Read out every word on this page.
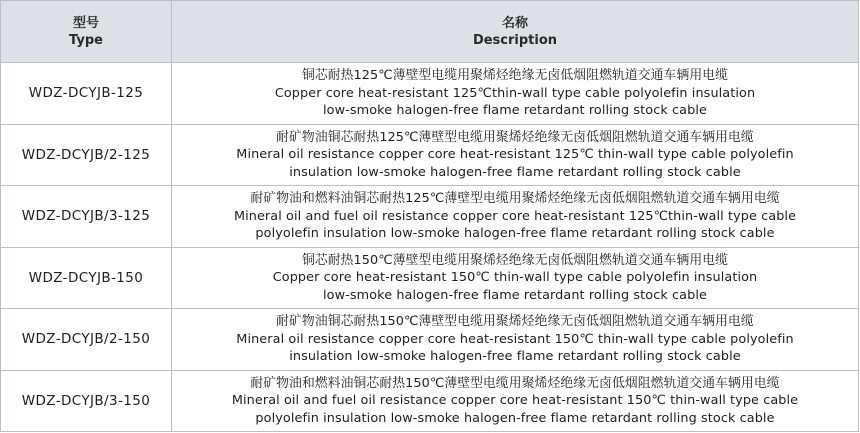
型号
Type
名称
Description
WDZ-DCYJB-125
铜芯耐热125℃薄壁型电缆用聚烯烃绝缘无卤低烟阻燃轨道交通车辆用电缆
Copper core heat-resistant 125℃thin-wall type cable polyolefin insulation
low-smoke halogen-free flame retardant rolling stock cable
WDZ-DCYJB/2-125
耐矿物油铜芯耐热125℃薄壁型电缆用聚烯烃绝缘无卤低烟阻燃轨道交通车辆用电缆
Mineral oil resistance copper core heat-resistant 125℃ thin-wall type cable polyolefin
insulation low-smoke halogen-free flame retardant rolling stock cable
WDZ-DCYJB/3-125
耐矿物油和燃料油铜芯耐热125℃薄壁型电缆用聚烯烃绝缘无卤低烟阻燃轨道交通车辆用电缆
Mineral oil and fuel oil resistance copper core heat-resistant 125℃thin-wall type cable
polyolefin insulation low-smoke halogen-free flame retardant rolling stock cable
WDZ-DCYJB-150
铜芯耐热150℃薄壁型电缆用聚烯烃绝缘无卤低烟阻燃轨道交通车辆用电缆
Copper core heat-resistant 150℃ thin-wall type cable polyolefin insulation
low-smoke halogen-free flame retardant rolling stock cable
WDZ-DCYJB/2-150
耐矿物油铜芯耐热150℃薄壁型电缆用聚烯烃绝缘无卤低烟阻燃轨道交通车辆用电缆
Mineral oil resistance copper core heat-resistant 150℃ thin-wall type cable polyolefin
insulation low-smoke halogen-free flame retardant rolling stock cable
WDZ-DCYJB/3-150
耐矿物油和燃料油铜芯耐热150℃薄壁型电缆用聚烯烃绝缘无卤低烟阻燃轨道交通车辆用电缆
Mineral oil and fuel oil resistance copper core heat-resistant 150℃ thin-wall type cable
polyolefin insulation low-smoke halogen-free flame retardant rolling stock cable
